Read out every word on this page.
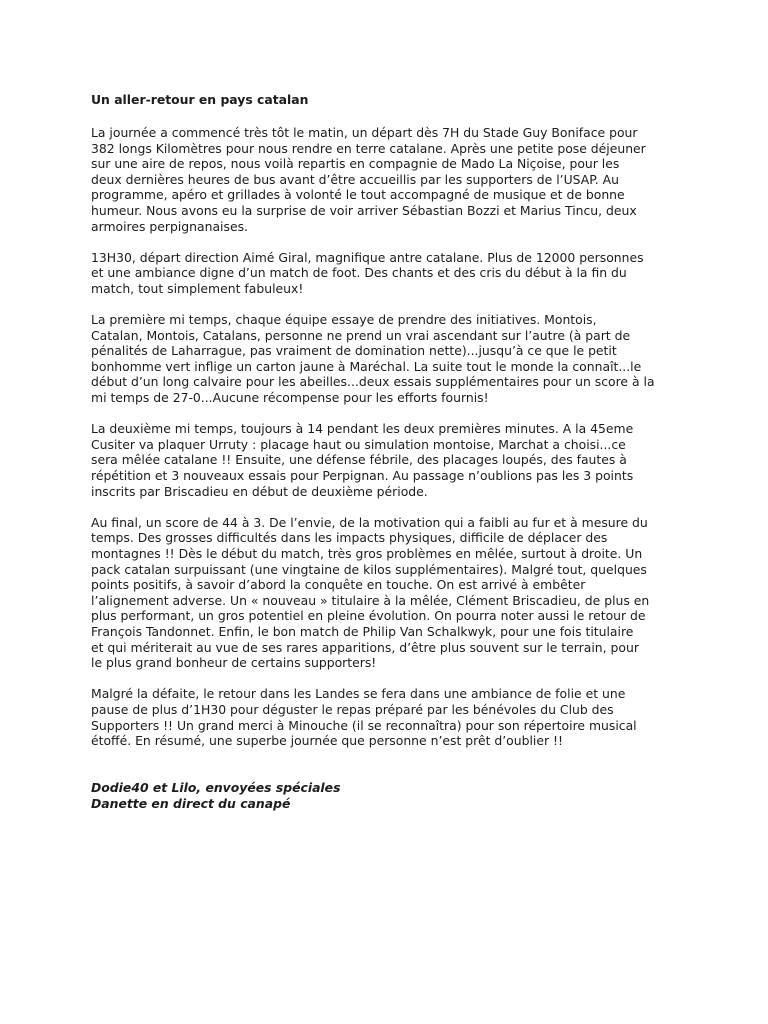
Un aller-retour en pays catalan
La journée a commencé très tôt le matin, un départ dès 7H du Stade Guy Boniface pour
382 longs Kilomètres pour nous rendre en terre catalane. Après une petite pose déjeuner
sur une aire de repos, nous voilà repartis en compagnie de Mado La Niçoise, pour les
deux dernières heures de bus avant d’être accueillis par les supporters de l’USAP. Au
programme, apéro et grillades à volonté le tout accompagné de musique et de bonne
humeur. Nous avons eu la surprise de voir arriver Sébastian Bozzi et Marius Tincu, deux
armoires perpignanaises.
13H30, départ direction Aimé Giral, magnifique antre catalane. Plus de 12000 personnes
et une ambiance digne d’un match de foot. Des chants et des cris du début à la fin du
match, tout simplement fabuleux!
La première mi temps, chaque équipe essaye de prendre des initiatives. Montois,
Catalan, Montois, Catalans, personne ne prend un vrai ascendant sur l’autre (à part de
pénalités de Laharrague, pas vraiment de domination nette)...jusqu’à ce que le petit
bonhomme vert inflige un carton jaune à Maréchal. La suite tout le monde la connaît...le
début d’un long calvaire pour les abeilles...deux essais supplémentaires pour un score à la
mi temps de 27-0...Aucune récompense pour les efforts fournis!
La deuxième mi temps, toujours à 14 pendant les deux premières minutes. A la 45eme
Cusiter va plaquer Urruty : placage haut ou simulation montoise, Marchat a choisi...ce
sera mêlée catalane !! Ensuite, une défense fébrile, des placages loupés, des fautes à
répétition et 3 nouveaux essais pour Perpignan. Au passage n’oublions pas les 3 points
inscrits par Briscadieu en début de deuxième période.
Au final, un score de 44 à 3. De l’envie, de la motivation qui a faibli au fur et à mesure du
temps. Des grosses difficultés dans les impacts physiques, difficile de déplacer des
montagnes !! Dès le début du match, très gros problèmes en mêlée, surtout à droite. Un
pack catalan surpuissant (une vingtaine de kilos supplémentaires). Malgré tout, quelques
points positifs, à savoir d’abord la conquête en touche. On est arrivé à embêter
l’alignement adverse. Un « nouveau » titulaire à la mêlée, Clément Briscadieu, de plus en
plus performant, un gros potentiel en pleine évolution. On pourra noter aussi le retour de
François Tandonnet. Enfin, le bon match de Philip Van Schalkwyk, pour une fois titulaire
et qui mériterait au vue de ses rares apparitions, d’être plus souvent sur le terrain, pour
le plus grand bonheur de certains supporters!
Malgré la défaite, le retour dans les Landes se fera dans une ambiance de folie et une
pause de plus d’1H30 pour déguster le repas préparé par les bénévoles du Club des
Supporters !! Un grand merci à Minouche (il se reconnaîtra) pour son répertoire musical
étoffé. En résumé, une superbe journée que personne n’est prêt d’oublier !!
Dodie40 et Lilo, envoyées spéciales
Danette en direct du canapé
